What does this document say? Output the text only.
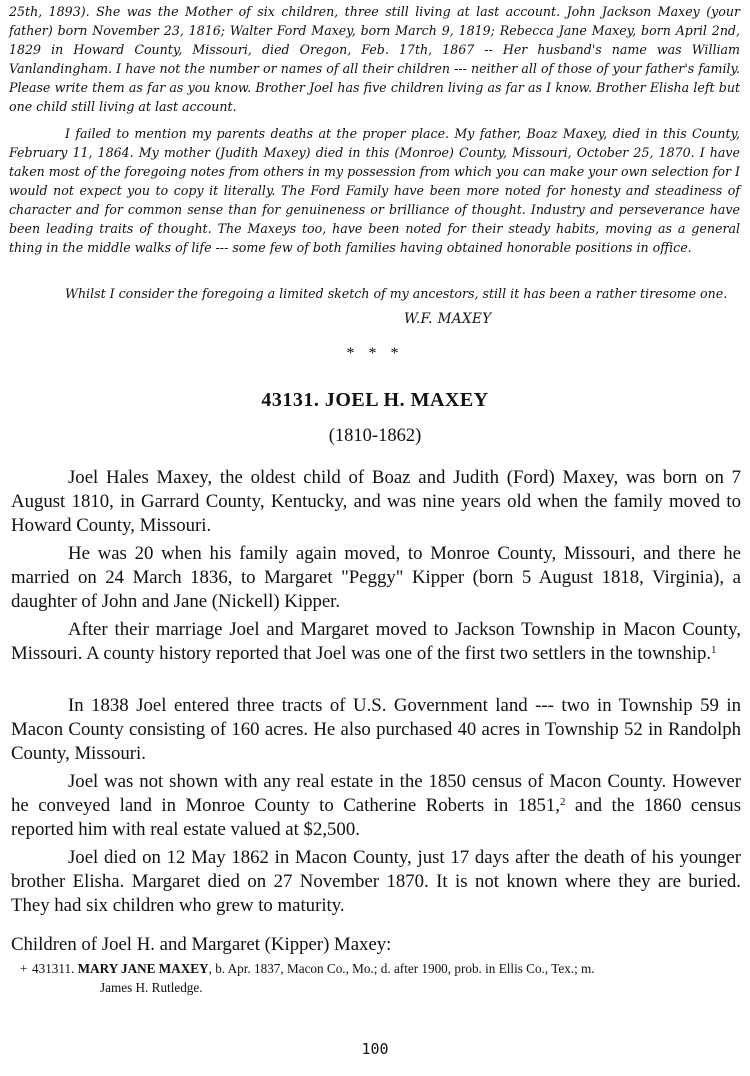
25th, 1893). She was the Mother of six children, three still living at last account. John Jackson Maxey (your father) born November 23, 1816; Walter Ford Maxey, born March 9, 1819; Rebecca Jane Maxey, born April 2nd, 1829 in Howard County, Missouri, died Oregon, Feb. 17th, 1867 -- Her husband's name was William Vanlandingham. I have not the number or names of all their children --- neither all of those of your father's family. Please write them as far as you know. Brother Joel has five children living as far as I know. Brother Elisha left but one child still living at last account.

I failed to mention my parents deaths at the proper place. My father, Boaz Maxey, died in this County, February 11, 1864. My mother (Judith Maxey) died in this (Monroe) County, Missouri, October 25, 1870. I have taken most of the foregoing notes from others in my possession from which you can make your own selection for I would not expect you to copy it literally. The Ford Family have been more noted for honesty and steadiness of character and for common sense than for genuineness or brilliance of thought. Industry and perseverance have been leading traits of thought. The Maxeys too, have been noted for their steady habits, moving as a general thing in the middle walks of life --- some few of both families having obtained honorable positions in office.

Whilst I consider the foregoing a limited sketch of my ancestors, still it has been a rather tiresome one.

W.F. MAXEY
* * *
43131. JOEL H. MAXEY
(1810-1862)

Joel Hales Maxey, the oldest child of Boaz and Judith (Ford) Maxey, was born on 7 August 1810, in Garrard County, Kentucky, and was nine years old when the family moved to Howard County, Missouri.

He was 20 when his family again moved, to Monroe County, Missouri, and there he married on 24 March 1836, to Margaret "Peggy" Kipper (born 5 August 1818, Virginia), a daughter of John and Jane (Nickell) Kipper.

After their marriage Joel and Margaret moved to Jackson Township in Macon County, Missouri. A county history reported that Joel was one of the first two settlers in the township.$^1$

In 1838 Joel entered three tracts of U.S. Government land --- two in Township 59 in Macon County consisting of 160 acres. He also purchased 40 acres in Township 52 in Randolph County, Missouri.

Joel was not shown with any real estate in the 1850 census of Macon County. However he conveyed land in Monroe County to Catherine Roberts in 1851,$^2$ and the 1860 census reported him with real estate valued at $2,500.

Joel died on 12 May 1862 in Macon County, just 17 days after the death of his younger brother Elisha. Margaret died on 27 November 1870. It is not known where they are buried. They had six children who grew to maturity.

Children of Joel H. and Margaret (Kipper) Maxey:
+ 431311. MARY JANE MAXEY, b. Apr. 1837, Macon Co., Mo.; d. after 1900, prob. in Ellis Co., Tex.; m.
James H. Rutledge.
100
